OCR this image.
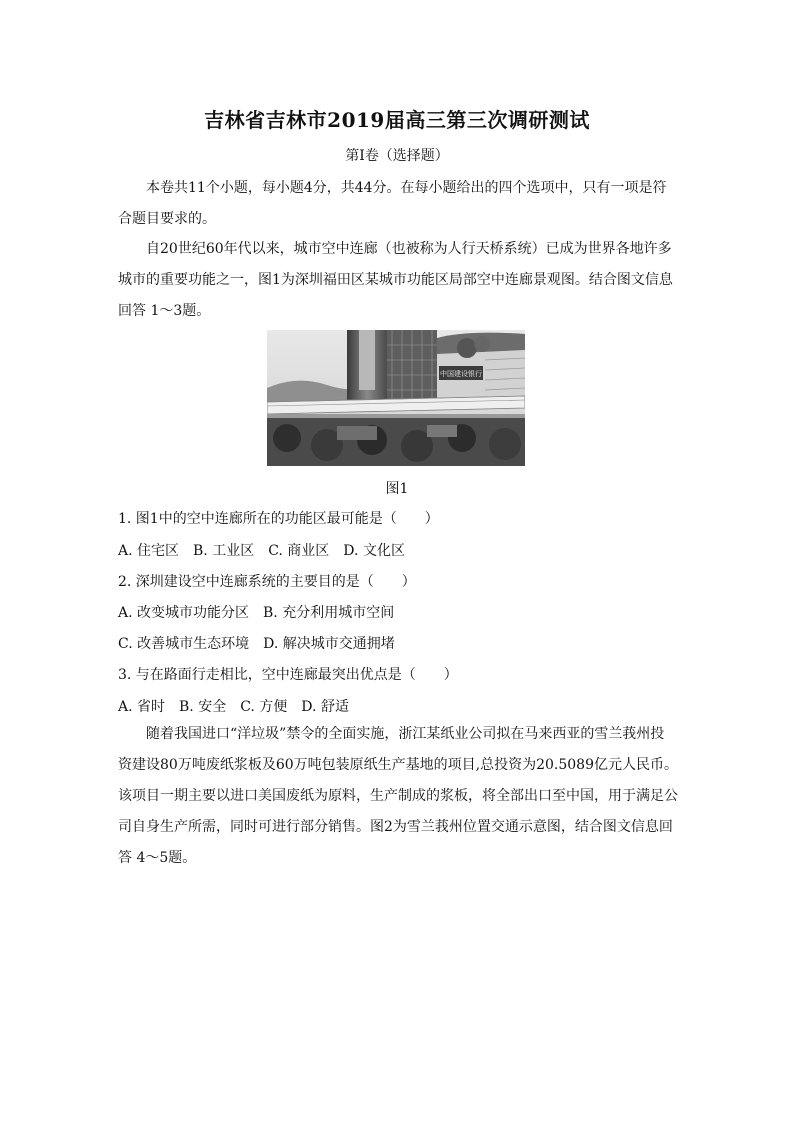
吉林省吉林市2019届高三第三次调研测试
第Ⅰ卷（选择题）
本卷共11个小题，每小题4分，共44分。在每小题给出的四个选项中，只有一项是符合题目要求的。
自20世纪60年代以来，城市空中连廊（也被称为人行天桥系统）已成为世界各地许多城市的重要功能之一，图1为深圳福田区某城市功能区局部空中连廊景观图。结合图文信息回答 1～3题。
中国建设银行
图1
1. 图1中的空中连廊所在的功能区最可能是（　　）
A. 住宅区　B. 工业区　C. 商业区　D. 文化区
2. 深圳建设空中连廊系统的主要目的是（　　）
A. 改变城市功能分区　B. 充分利用城市空间
C. 改善城市生态环境　D. 解决城市交通拥堵
3. 与在路面行走相比，空中连廊最突出优点是（　　）
A. 省时　B. 安全　C. 方便　D. 舒适
随着我国进口“洋垃圾”禁令的全面实施，浙江某纸业公司拟在马来西亚的雪兰莪州投资建设80万吨废纸浆板及60万吨包装原纸生产基地的项目,总投资为20.5089亿元人民币。该项目一期主要以进口美国废纸为原料，生产制成的浆板，将全部出口至中国，用于满足公司自身生产所需，同时可进行部分销售。图2为雪兰莪州位置交通示意图，结合图文信息回答 4～5题。
